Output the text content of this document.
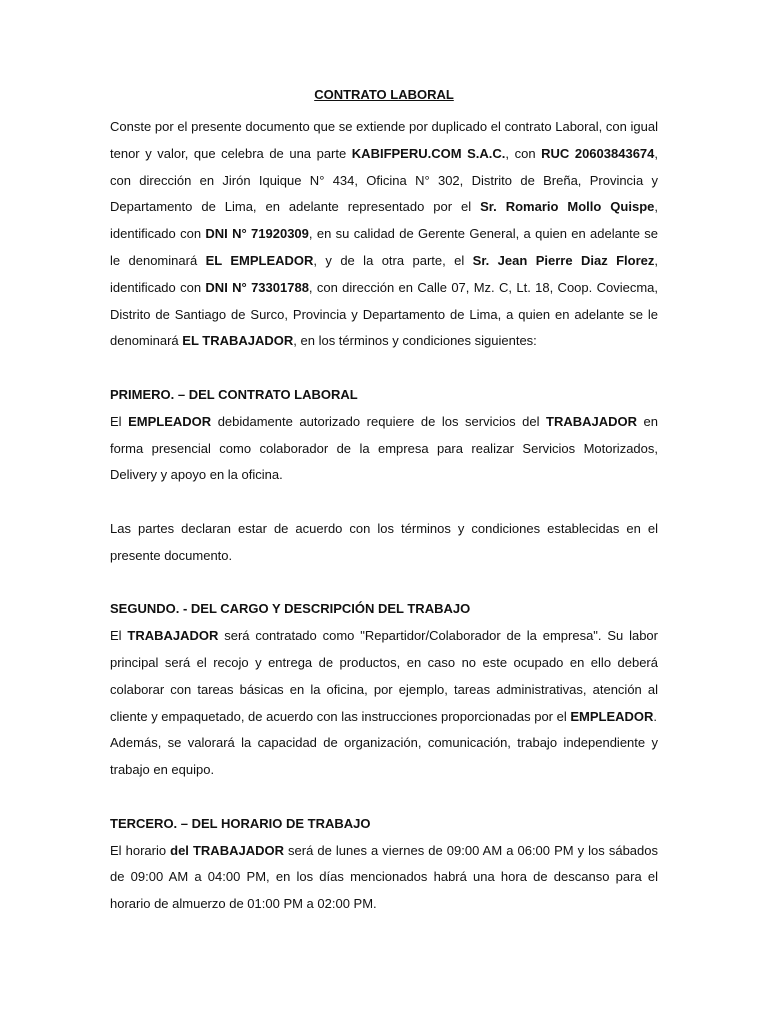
CONTRATO LABORAL

Conste por el presente documento que se extiende por duplicado el contrato Laboral, con igual tenor y valor, que celebra de una parte KABIFPERU.COM S.A.C., con RUC 20603843674, con dirección en Jirón Iquique N° 434, Oficina N° 302, Distrito de Breña, Provincia y Departamento de Lima, en adelante representado por el Sr. Romario Mollo Quispe, identificado con DNI N° 71920309, en su calidad de Gerente General, a quien en adelante se le denominará EL EMPLEADOR, y de la otra parte, el Sr. Jean Pierre Diaz Florez, identificado con DNI N° 73301788, con dirección en Calle 07, Mz. C, Lt. 18, Coop. Coviecma, Distrito de Santiago de Surco, Provincia y Departamento de Lima, a quien en adelante se le denominará EL TRABAJADOR, en los términos y condiciones siguientes:

PRIMERO. – DEL CONTRATO LABORAL

El EMPLEADOR debidamente autorizado requiere de los servicios del TRABAJADOR en forma presencial como colaborador de la empresa para realizar Servicios Motorizados, Delivery y apoyo en la oficina.

Las partes declaran estar de acuerdo con los términos y condiciones establecidas en el presente documento.

SEGUNDO. - DEL CARGO Y DESCRIPCIÓN DEL TRABAJO

El TRABAJADOR será contratado como "Repartidor/Colaborador de la empresa". Su labor principal será el recojo y entrega de productos, en caso no este ocupado en ello deberá colaborar con tareas básicas en la oficina, por ejemplo, tareas administrativas, atención al cliente y empaquetado, de acuerdo con las instrucciones proporcionadas por el EMPLEADOR.

Además, se valorará la capacidad de organización, comunicación, trabajo independiente y trabajo en equipo.

TERCERO. – DEL HORARIO DE TRABAJO

El horario del TRABAJADOR será de lunes a viernes de 09:00 AM a 06:00 PM y los sábados de 09:00 AM a 04:00 PM, en los días mencionados habrá una hora de descanso para el horario de almuerzo de 01:00 PM a 02:00 PM.
